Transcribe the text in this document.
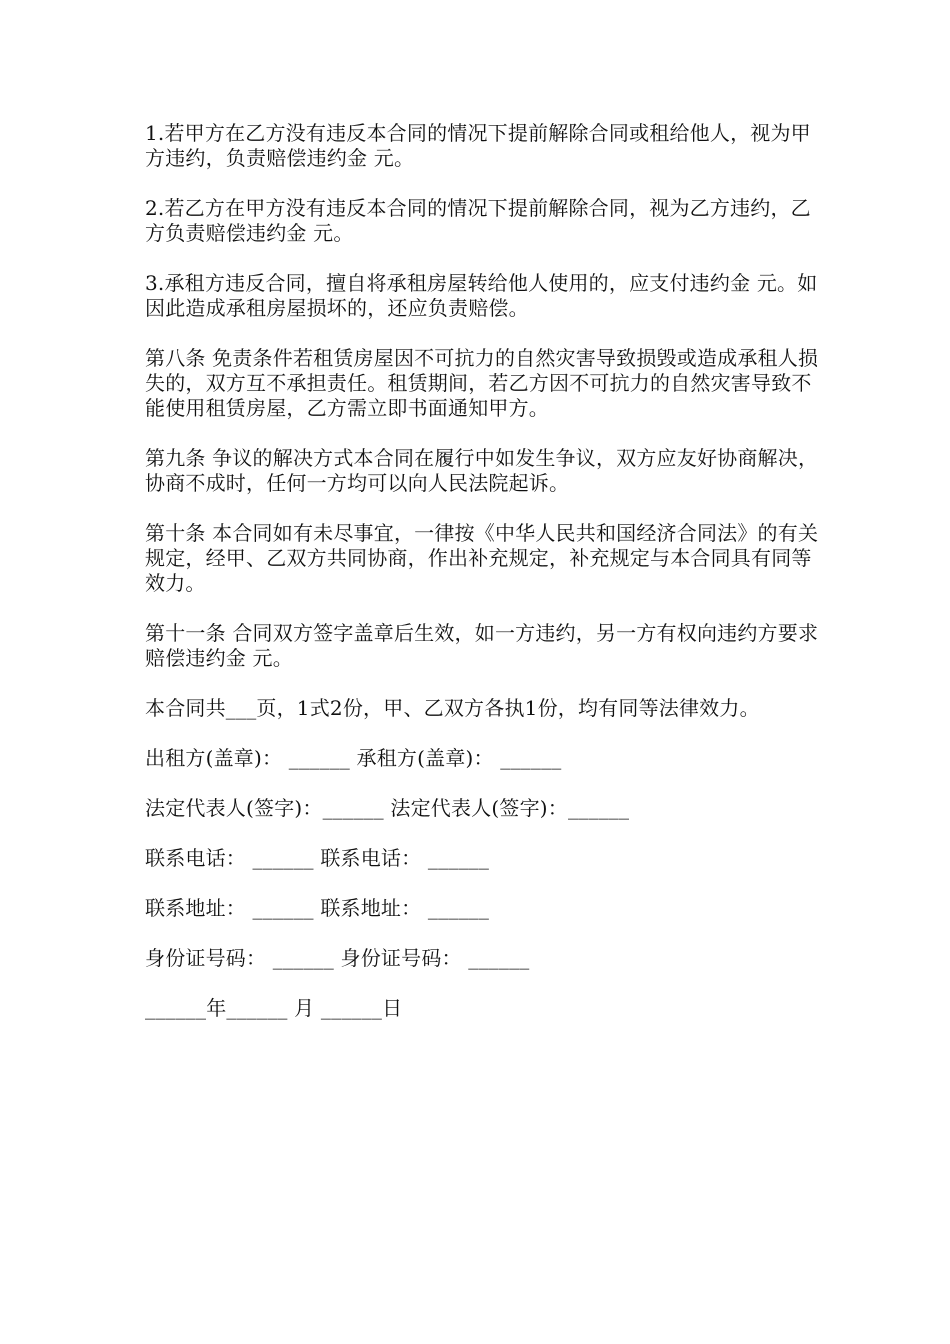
1.若甲方在乙方没有违反本合同的情况下提前解除合同或租给他人，视为甲方违约，负责赔偿违约金 元。

2.若乙方在甲方没有违反本合同的情况下提前解除合同，视为乙方违约，乙方负责赔偿违约金 元。

3.承租方违反合同，擅自将承租房屋转给他人使用的，应支付违约金 元。如因此造成承租房屋损坏的，还应负责赔偿。

第八条 免责条件若租赁房屋因不可抗力的自然灾害导致损毁或造成承租人损失的，双方互不承担责任。租赁期间，若乙方因不可抗力的自然灾害导致不能使用租赁房屋，乙方需立即书面通知甲方。

第九条 争议的解决方式本合同在履行中如发生争议，双方应友好协商解决，协商不成时，任何一方均可以向人民法院起诉。

第十条 本合同如有未尽事宜，一律按《中华人民共和国经济合同法》的有关规定，经甲、乙双方共同协商，作出补充规定，补充规定与本合同具有同等效力。

第十一条 合同双方签字盖章后生效，如一方违约，另一方有权向违约方要求赔偿违约金 元。

本合同共___页，1式2份，甲、乙双方各执1份，均有同等法律效力。

出租方(盖章)： ______ 承租方(盖章)： ______
法定代表人(签字)：______ 法定代表人(签字)：______
联系电话： ______ 联系电话： ______
联系地址： ______ 联系地址： ______
身份证号码： ______ 身份证号码： ______
______年______ 月 ______日
